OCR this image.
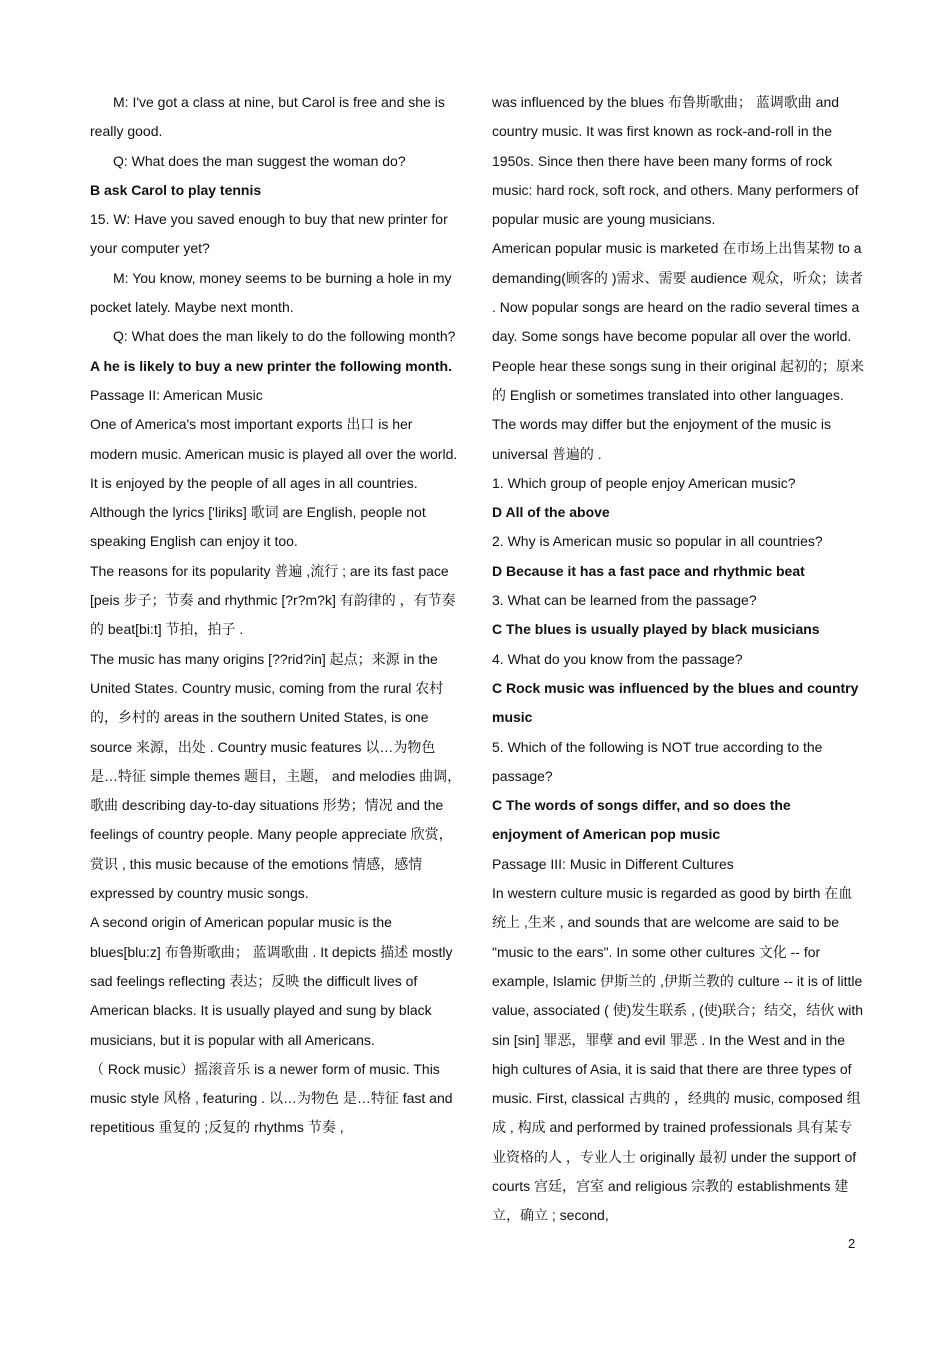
M: I've got a class at nine, but Carol is free and she is really good.

Q: What does the man suggest the woman do?

B ask Carol to play tennis

15. W: Have you saved enough to buy that new printer for your computer yet?

M: You know, money seems to be burning a hole in my pocket lately. Maybe next month.

Q: What does the man likely to do the following month?

A he is likely to buy a new printer the following month.

Passage II: American Music

One of America's most important exports 出口 is her modern music. American music is played all over the world. It is enjoyed by the people of all ages in all countries. Although the lyrics ['liriks] 歌词 are English, people not speaking English can enjoy it too.

The reasons for its popularity 普遍 ,流行 ; are its fast pace [peis 步子；节奏 and rhythmic [?r?m?k] 有韵律的 ，有节奏的 beat[bi:t] 节拍，拍子 .

The music has many origins [??rid?in] 起点；来源 in the United States. Country music, coming from the rural 农村的，乡村的 areas in the southern United States, is one source 来源，出处 . Country music features 以…为物色是…特征 simple themes 题目，主题， and melodies 曲调，歌曲 describing day-to-day situations 形势；情况 and the feelings of country people. Many people appreciate 欣赏，赏识 , this music because of the emotions 情感，感情 expressed by country music songs.

A second origin of American popular music is the blues[blu:z] 布鲁斯歌曲； 蓝调歌曲 . It depicts 描述 mostly sad feelings reflecting 表达；反映 the difficult lives of American blacks. It is usually played and sung by black musicians, but it is popular with all Americans.

（ Rock music）摇滚音乐 is a newer form of music. This music style 风格 , featuring . 以…为物色 是…特征 fast and repetitious 重复的 ;反复的 rhythms 节奏 ,

was influenced by the blues 布鲁斯歌曲； 蓝调歌曲 and country music. It was first known as rock-and-roll in the 1950s. Since then there have been many forms of rock music: hard rock, soft rock, and others. Many performers of popular music are young musicians.

American popular music is marketed 在市场上出售某物 to a demanding(顾客的 )需求、需要 audience 观众，听众；读者 . Now popular songs are heard on the radio several times a day. Some songs have become popular all over the world. People hear these songs sung in their original 起初的；原来的 English or sometimes translated into other languages. The words may differ but the enjoyment of the music is universal 普遍的 .

1. Which group of people enjoy American music?

D All of the above

2. Why is American music so popular in all countries?

D Because it has a fast pace and rhythmic beat

3. What can be learned from the passage?

C The blues is usually played by black musicians

4. What do you know from the passage?

C Rock music was influenced by the blues and country music

5. Which of the following is NOT true according to the passage?

C The words of songs differ, and so does the enjoyment of American pop music

Passage III: Music in Different Cultures

In western culture music is regarded as good by birth 在血统上 ,生来 , and sounds that are welcome are said to be "music to the ears". In some other cultures 文化 -- for example, Islamic 伊斯兰的 ,伊斯兰教的 culture -- it is of little value, associated ( 使)发生联系 , (使)联合；结交，结伙 with sin [sin] 罪恶，罪孽 and evil 罪恶 . In the West and in the high cultures of Asia, it is said that there are three types of music. First, classical 古典的 ，经典的 music, composed 组成 , 构成 and performed by trained professionals 具有某专业资格的人 ，专业人士 originally 最初 under the support of courts 宫廷，宫室 and religious 宗教的 establishments 建立，确立 ; second,

2
